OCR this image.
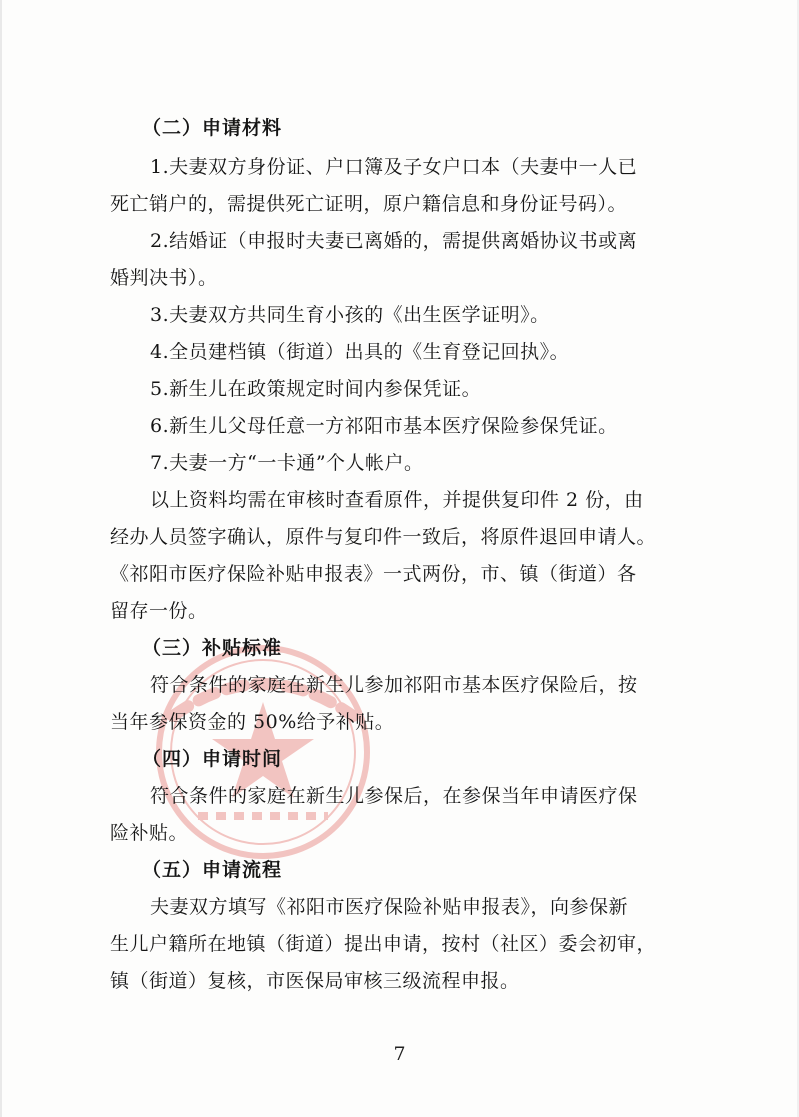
（二）申请材料
1.夫妻双方身份证、户口簿及子女户口本（夫妻中一人已
死亡销户的，需提供死亡证明，原户籍信息和身份证号码）。
2.结婚证（申报时夫妻已离婚的，需提供离婚协议书或离
婚判决书）。
3.夫妻双方共同生育小孩的《出生医学证明》。
4.全员建档镇（街道）出具的《生育登记回执》。
5.新生儿在政策规定时间内参保凭证。
6.新生儿父母任意一方祁阳市基本医疗保险参保凭证。
7.夫妻一方“一卡通”个人帐户。
以上资料均需在审核时查看原件，并提供复印件 2 份，由
经办人员签字确认，原件与复印件一致后，将原件退回申请人。
《祁阳市医疗保险补贴申报表》一式两份，市、镇（街道）各
留存一份。
（三）补贴标准
符合条件的家庭在新生儿参加祁阳市基本医疗保险后，按
当年参保资金的 50%给予补贴。
（四）申请时间
符合条件的家庭在新生儿参保后，在参保当年申请医疗保
险补贴。
（五）申请流程
夫妻双方填写《祁阳市医疗保险补贴申报表》，向参保新
生儿户籍所在地镇（街道）提出申请，按村（社区）委会初审，
镇（街道）复核，市医保局审核三级流程申报。
7
